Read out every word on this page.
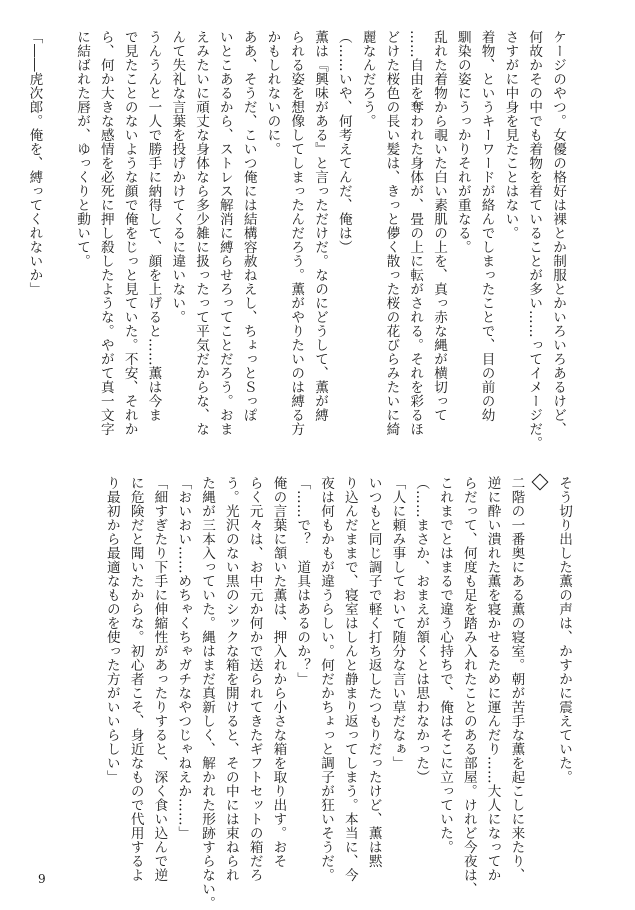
ケージのやつ。女優の格好は裸とか制服とかいろいろあるけど、

何故かその中でも着物を着ていることが多い……ってイメージだ。

さすがに中身を見たことはない。

着物、というキーワードが絡んでしまったことで、目の前の幼

馴染の姿にうっかりそれが重なる。

乱れた着物から覗いた白い素肌の上を、真っ赤な縄が横切って

……自由を奪われた身体が、畳の上に転がされる。それを彩るほ

どけた桜色の長い髪は、きっと儚く散った桜の花びらみたいに綺

麗なんだろう。

（……いや、何考えてんだ、俺は）

薫は『興味がある』と言っただけだ。なのにどうして、薫が縛

られる姿を想像してしまったんだろう。薫がやりたいのは縛る方

かもしれないのに。

ああ、そうだ、こいつ俺には結構容赦ねえし、ちょっとＳっぽ

いとこあるから、ストレス解消に縛らせろってことだろう。おま

えみたいに頑丈な身体なら多少雑に扱ったって平気だからな、な

んて失礼な言葉を投げかけてくるに違いない。

うんうんと一人で勝手に納得して、顔を上げると……薫は今ま

で見たことのないような顔で俺をじっと見ていた。不安、それか

ら、何か大きな感情を必死に押し殺したような。やがて真一文字

に結ばれた唇が、ゆっくりと動いて。

「――虎次郎。俺を、縛ってくれないか」

そう切り出した薫の声は、かすかに震えていた。

二階の一番奥にある薫の寝室。朝が苦手な薫を起こしに来たり、

逆に酔い潰れた薫を寝かせるために運んだり……大人になってか

らだって、何度も足を踏み入れたことのある部屋。けれど今夜は、

これまでとはまるで違う心持ちで、俺はそこに立っていた。

（……まさか、おまえが頷くとは思わなかった）

「人に頼み事しておいて随分な言い草だなぁ」

いつもと同じ調子で軽く打ち返したつもりだったけど、薫は黙

り込んだままで、寝室はしんと静まり返ってしまう。本当に、今

夜は何もかもが違うらしい。何だかちょっと調子が狂いそうだ。

「……で？　道具はあるのか？」

俺の言葉に頷いた薫は、押入れから小さな箱を取り出す。おそ

らく元々は、お中元か何かで送られてきたギフトセットの箱だろ

う。光沢のない黒のシックな箱を開けると、その中には束ねられ

た縄が三本入っていた。縄はまだ真新しく、解かれた形跡すらない。

「おいおい……めちゃくちゃガチなやつじゃねえか……」

「細すぎたり下手に伸縮性があったりすると、深く食い込んで逆

に危険だと聞いたからな。初心者こそ、身近なもので代用するよ

り最初から最適なものを使った方がいいらしい」

9
